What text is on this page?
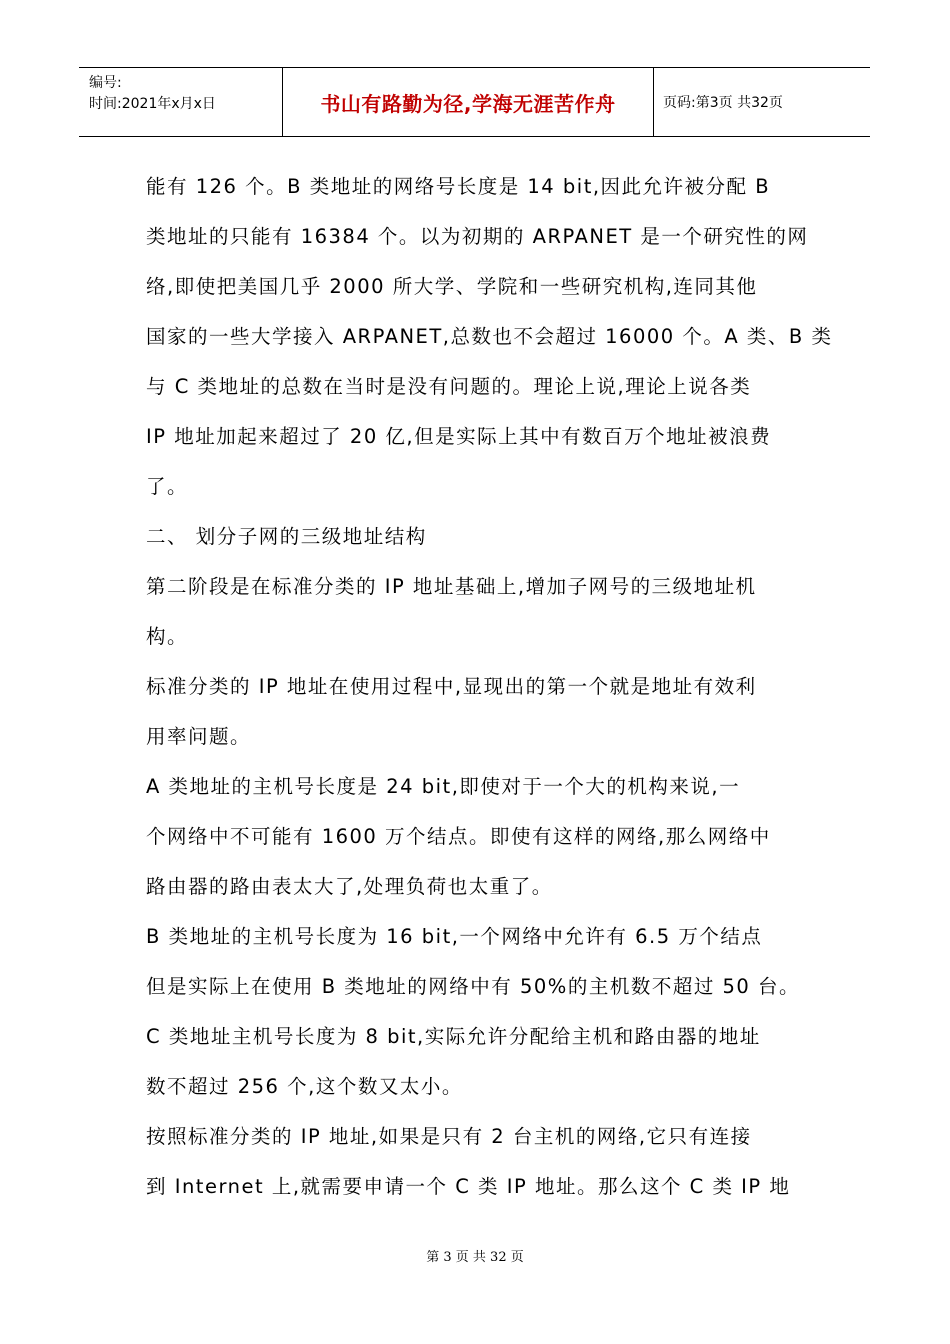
编号:
时间:2021年x月x日	书山有路勤为径,学海无涯苦作舟	页码:第3页 共32页

能有 126 个。B 类地址的网络号长度是 14 bit,因此允许被分配 B

类地址的只能有 16384 个。以为初期的 ARPANET 是一个研究性的网

络,即使把美国几乎 2000 所大学、学院和一些研究机构,连同其他

国家的一些大学接入 ARPANET,总数也不会超过 16000 个。A 类、B 类

与 C 类地址的总数在当时是没有问题的。理论上说,理论上说各类

IP 地址加起来超过了 20 亿,但是实际上其中有数百万个地址被浪费

了。

二、 划分子网的三级地址结构

第二阶段是在标准分类的 IP 地址基础上,增加子网号的三级地址机

构。

标准分类的 IP 地址在使用过程中,显现出的第一个就是地址有效利

用率问题。

A 类地址的主机号长度是 24 bit,即使对于一个大的机构来说,一

个网络中不可能有 1600 万个结点。即使有这样的网络,那么网络中

路由器的路由表太大了,处理负荷也太重了。

B 类地址的主机号长度为 16 bit,一个网络中允许有 6.5 万个结点

但是实际上在使用 B 类地址的网络中有 50%的主机数不超过 50 台。

C 类地址主机号长度为 8 bit,实际允许分配给主机和路由器的地址

数不超过 256 个,这个数又太小。

按照标准分类的 IP 地址,如果是只有 2 台主机的网络,它只有连接

到 Internet 上,就需要申请一个 C 类 IP 地址。那么这个 C 类 IP 地

第 3 页 共 32 页
